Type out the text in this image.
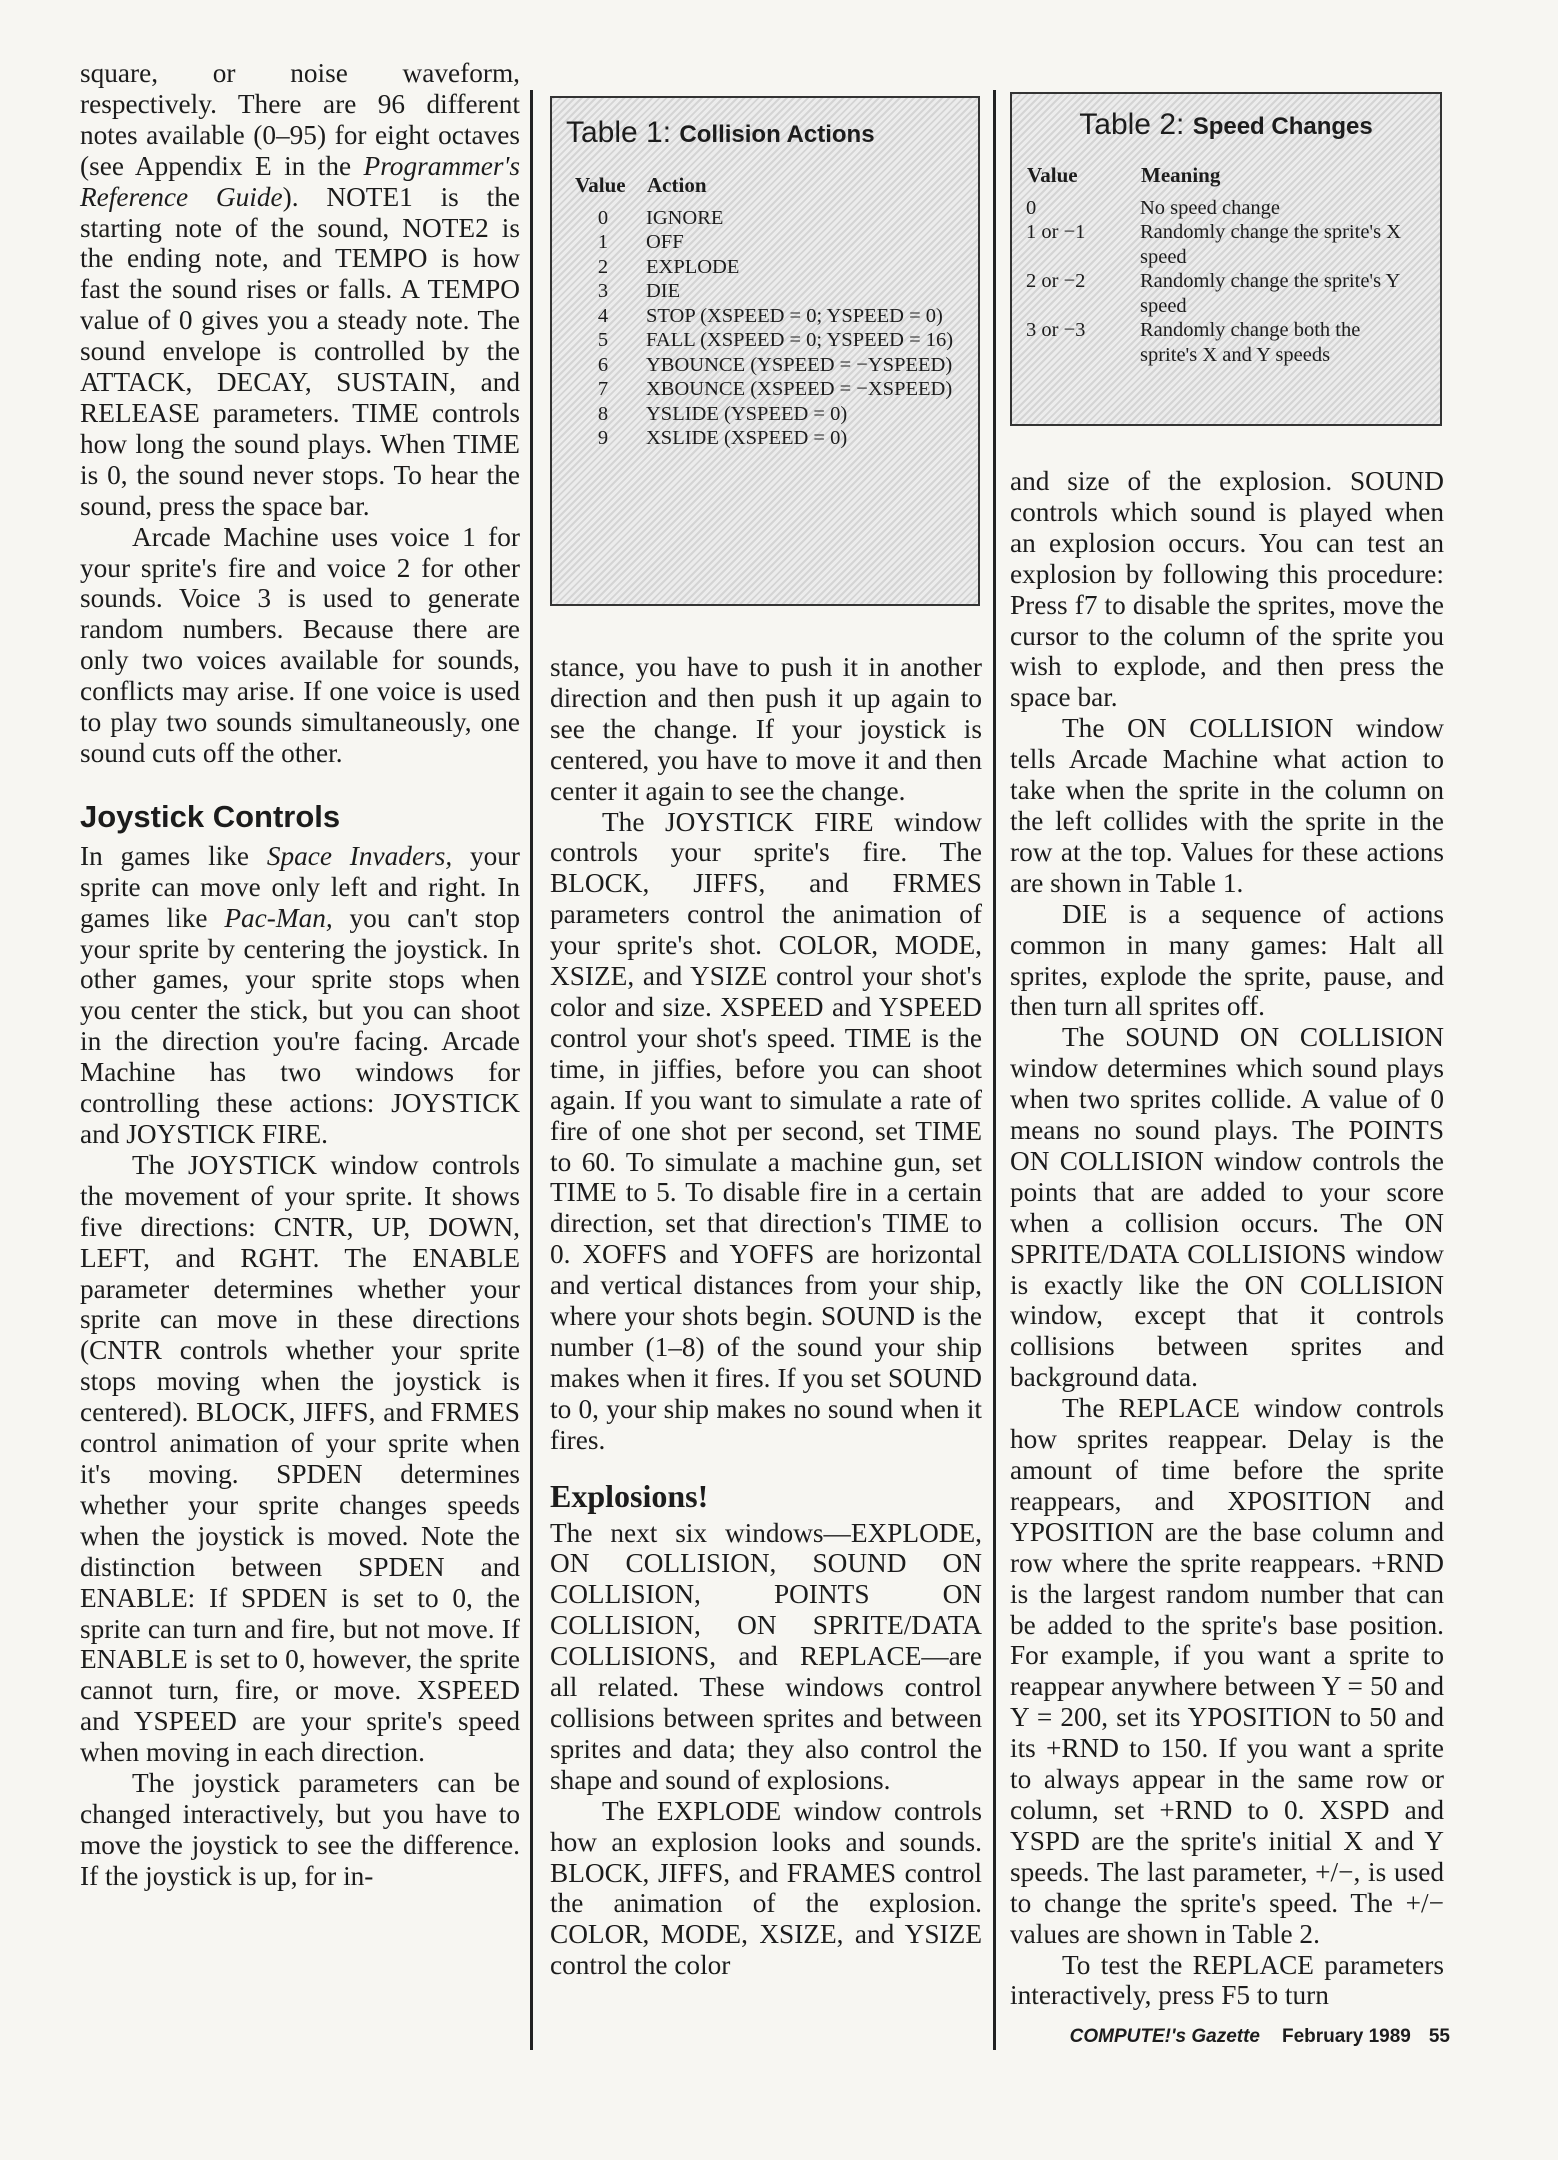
square, or noise waveform, respectively. There are 96 different notes available (0–95) for eight octaves (see Appendix E in the Programmer's Reference Guide). NOTE1 is the starting note of the sound, NOTE2 is the ending note, and TEMPO is how fast the sound rises or falls. A TEMPO value of 0 gives you a steady note. The sound envelope is controlled by the ATTACK, DECAY, SUSTAIN, and RELEASE parameters. TIME controls how long the sound plays. When TIME is 0, the sound never stops. To hear the sound, press the space bar.

Arcade Machine uses voice 1 for your sprite's fire and voice 2 for other sounds. Voice 3 is used to generate random numbers. Because there are only two voices available for sounds, conflicts may arise. If one voice is used to play two sounds simultaneously, one sound cuts off the other.

Joystick Controls

In games like Space Invaders, your sprite can move only left and right. In games like Pac-Man, you can't stop your sprite by centering the joystick. In other games, your sprite stops when you center the stick, but you can shoot in the direction you're facing. Arcade Machine has two windows for controlling these actions: JOYSTICK and JOYSTICK FIRE.

The JOYSTICK window controls the movement of your sprite. It shows five directions: CNTR, UP, DOWN, LEFT, and RGHT. The ENABLE parameter determines whether your sprite can move in these directions (CNTR controls whether your sprite stops moving when the joystick is centered). BLOCK, JIFFS, and FRMES control animation of your sprite when it's moving. SPDEN determines whether your sprite changes speeds when the joystick is moved. Note the distinction between SPDEN and ENABLE: If SPDEN is set to 0, the sprite can turn and fire, but not move. If ENABLE is set to 0, however, the sprite cannot turn, fire, or move. XSPEED and YSPEED are your sprite's speed when moving in each direction.

The joystick parameters can be changed interactively, but you have to move the joystick to see the difference. If the joystick is up, for in-

Table 1: Collision Actions
Value	Action
0	IGNORE
1	OFF
2	EXPLODE
3	DIE
4	STOP (XSPEED = 0; YSPEED = 0)
5	FALL (XSPEED = 0; YSPEED = 16)
6	YBOUNCE (YSPEED = −YSPEED)
7	XBOUNCE (XSPEED = −XSPEED)
8	YSLIDE (YSPEED = 0)
9	XSLIDE (XSPEED = 0)
Table 2: Speed Changes
Value	Meaning
0	No speed change
1 or −1	Randomly change the sprite's X speed
2 or −2	Randomly change the sprite's Y speed
3 or −3	Randomly change both the sprite's X and Y speeds

stance, you have to push it in another direction and then push it up again to see the change. If your joystick is centered, you have to move it and then center it again to see the change.

The JOYSTICK FIRE window controls your sprite's fire. The BLOCK, JIFFS, and FRMES parameters control the animation of your sprite's shot. COLOR, MODE, XSIZE, and YSIZE control your shot's color and size. XSPEED and YSPEED control your shot's speed. TIME is the time, in jiffies, before you can shoot again. If you want to simulate a rate of fire of one shot per second, set TIME to 60. To simulate a machine gun, set TIME to 5. To disable fire in a certain direction, set that direction's TIME to 0. XOFFS and YOFFS are horizontal and vertical distances from your ship, where your shots begin. SOUND is the number (1–8) of the sound your ship makes when it fires. If you set SOUND to 0, your ship makes no sound when it fires.

Explosions!

The next six windows—EXPLODE, ON COLLISION, SOUND ON COLLISION, POINTS ON COLLISION, ON SPRITE/DATA COLLISIONS, and REPLACE—are all related. These windows control collisions between sprites and between sprites and data; they also control the shape and sound of explosions.

The EXPLODE window controls how an explosion looks and sounds. BLOCK, JIFFS, and FRAMES control the animation of the explosion. COLOR, MODE, XSIZE, and YSIZE control the color

and size of the explosion. SOUND controls which sound is played when an explosion occurs. You can test an explosion by following this procedure: Press f7 to disable the sprites, move the cursor to the column of the sprite you wish to explode, and then press the space bar.

The ON COLLISION window tells Arcade Machine what action to take when the sprite in the column on the left collides with the sprite in the row at the top. Values for these actions are shown in Table 1.

DIE is a sequence of actions common in many games: Halt all sprites, explode the sprite, pause, and then turn all sprites off.

The SOUND ON COLLISION window determines which sound plays when two sprites collide. A value of 0 means no sound plays. The POINTS ON COLLISION window controls the points that are added to your score when a collision occurs. The ON SPRITE/DATA COLLISIONS window is exactly like the ON COLLISION window, except that it controls collisions between sprites and background data.

The REPLACE window controls how sprites reappear. Delay is the amount of time before the sprite reappears, and XPOSITION and YPOSITION are the base column and row where the sprite reappears. +RND is the largest random number that can be added to the sprite's base position. For example, if you want a sprite to reappear anywhere between Y = 50 and Y = 200, set its YPOSITION to 50 and its +RND to 150. If you want a sprite to always appear in the same row or column, set +RND to 0. XSPD and YSPD are the sprite's initial X and Y speeds. The last parameter, +/−, is used to change the sprite's speed. The +/− values are shown in Table 2.

To test the REPLACE parameters interactively, press F5 to turn

COMPUTE!'s Gazette February 1989 55
